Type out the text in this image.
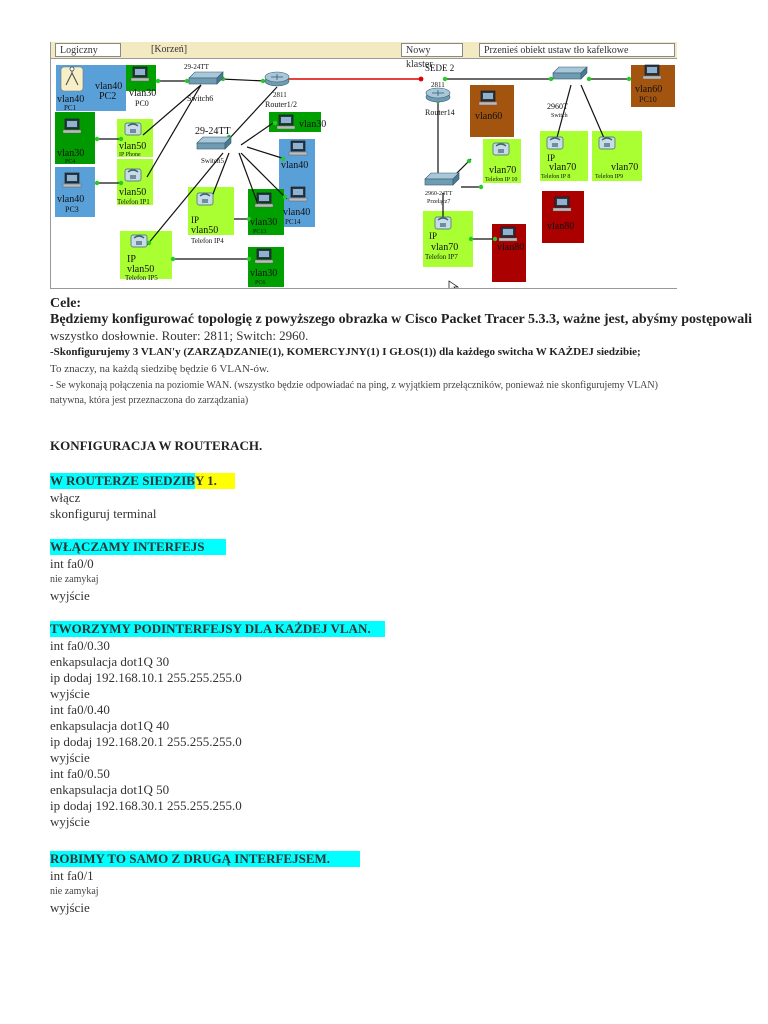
Logiczny	[Korzeń]	Nowy klaster
Przenieś obiekt ustaw tło kafelkowe
vlan40
PC1
vlan40
PC2 vlan30
PC0
29-24TT
Switch6	2811
Router1/2
vlan30
PC4
vlan50
IP Phone
vlan40
PC3
vlan50
Telefon IP1
29-24TT
Switch5
vlan30
vlan40
vlan40
PC14
IP
vlan50
Telefon IP4
vlan30
PC13
IP
vlan50
Telefon IP5	vlan30
PC6
SEDE 2
2811
Router14 vlan60
2960-24TT
Przełącz7
vlan70
Telefon IP 10
IP
vlan70
Telefon IP7
vlan80
2960T
Switch
vlan60
PC10
IP
vlan70
Telefon IP 8
vlan70
Telefon IP9
vlan80
Cele:
Będziemy konfigurować topologię z powyższego obrazka w Cisco Packet Tracer 5.3.3, ważne jest, abyśmy postępowali
wszystko dosłownie. Router: 2811; Switch: 2960.
-Skonfigurujemy 3 VLAN'y (ZARZĄDZANIE(1), KOMERCYJNY(1) I GŁOS(1)) dla każdego switcha W KAŻDEJ siedzibie;
To znaczy, na każdą siedzibę będzie 6 VLAN-ów.
- Se wykonają połączenia na poziomie WAN. (wszystko będzie odpowiadać na ping, z wyjątkiem przełączników, ponieważ nie skonfigurujemy VLAN)
natywna, która jest przeznaczona do zarządzania)
KONFIGURACJA W ROUTERACH.
W ROUTERZE SIEDZIBY 1.
włącz
skonfiguruj terminal
WŁĄCZAMY INTERFEJS
int fa0/0
nie zamykaj
wyjście
TWORZYMY PODINTERFEJSY DLA KAŻDEJ VLAN.
int fa0/0.30
enkapsulacja dot1Q 30
ip dodaj 192.168.10.1 255.255.255.0
wyjście
int fa0/0.40
enkapsulacja dot1Q 40
ip dodaj 192.168.20.1 255.255.255.0
wyjście
int fa0/0.50
enkapsulacja dot1Q 50
ip dodaj 192.168.30.1 255.255.255.0
wyjście
ROBIMY TO SAMO Z DRUGĄ INTERFEJSEM.
int fa0/1
nie zamykaj
wyjście
